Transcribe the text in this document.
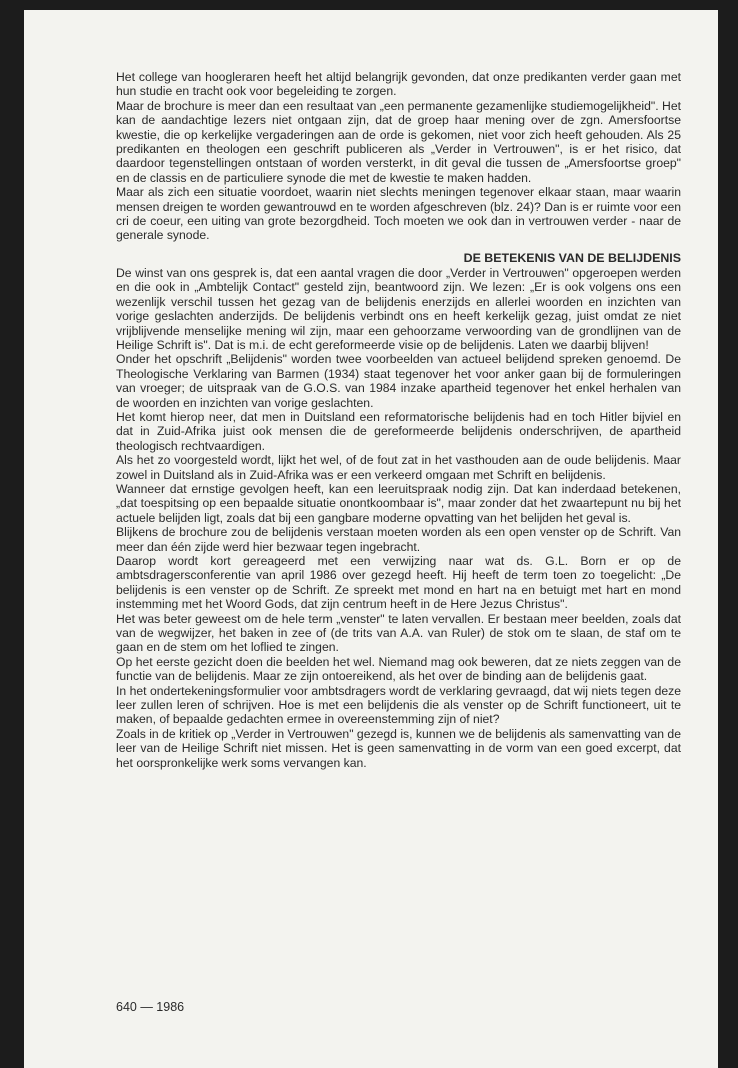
Het college van hoogleraren heeft het altijd belangrijk gevonden, dat onze predikanten verder gaan met hun studie en tracht ook voor begeleiding te zorgen.

Maar de brochure is meer dan een resultaat van „een permanente gezamenlijke studiemogelijkheid". Het kan de aandachtige lezers niet ontgaan zijn, dat de groep haar mening over de zgn. Amersfoortse kwestie, die op kerkelijke vergaderingen aan de orde is gekomen, niet voor zich heeft gehouden. Als 25 predikanten en theologen een geschrift publiceren als „Verder in Vertrouwen", is er het risico, dat daardoor tegenstellingen ontstaan of worden versterkt, in dit geval die tussen de „Amersfoortse groep" en de classis en de particuliere synode die met de kwestie te maken hadden.

Maar als zich een situatie voordoet, waarin niet slechts meningen tegenover elkaar staan, maar waarin mensen dreigen te worden gewantrouwd en te worden afgeschreven (blz. 24)? Dan is er ruimte voor een cri de coeur, een uiting van grote bezorgdheid. Toch moeten we ook dan in vertrouwen verder - naar de generale synode.

DE BETEKENIS VAN DE BELIJDENIS

De winst van ons gesprek is, dat een aantal vragen die door „Verder in Vertrouwen" opgeroepen werden en die ook in „Ambtelijk Contact" gesteld zijn, beantwoord zijn. We lezen: „Er is ook volgens ons een wezenlijk verschil tussen het gezag van de belijdenis enerzijds en allerlei woorden en inzichten van vorige geslachten anderzijds. De belijdenis verbindt ons en heeft kerkelijk gezag, juist omdat ze niet vrijblijvende menselijke mening wil zijn, maar een gehoorzame verwoording van de grondlijnen van de Heilige Schrift is". Dat is m.i. de echt gereformeerde visie op de belijdenis. Laten we daarbij blijven!

Onder het opschrift „Belijdenis" worden twee voorbeelden van actueel belijdend spreken genoemd. De Theologische Verklaring van Barmen (1934) staat tegenover het voor anker gaan bij de formuleringen van vroeger; de uitspraak van de G.O.S. van 1984 inzake apartheid tegenover het enkel herhalen van de woorden en inzichten van vorige geslachten.

Het komt hierop neer, dat men in Duitsland een reformatorische belijdenis had en toch Hitler bijviel en dat in Zuid-Afrika juist ook mensen die de gereformeerde belijdenis onderschrijven, de apartheid theologisch rechtvaardigen.

Als het zo voorgesteld wordt, lijkt het wel, of de fout zat in het vasthouden aan de oude belijdenis. Maar zowel in Duitsland als in Zuid-Afrika was er een verkeerd omgaan met Schrift en belijdenis.

Wanneer dat ernstige gevolgen heeft, kan een leeruitspraak nodig zijn. Dat kan inderdaad betekenen, „dat toespitsing op een bepaalde situatie onontkoombaar is", maar zonder dat het zwaartepunt nu bij het actuele belijden ligt, zoals dat bij een gangbare moderne opvatting van het belijden het geval is.

Blijkens de brochure zou de belijdenis verstaan moeten worden als een open venster op de Schrift. Van meer dan één zijde werd hier bezwaar tegen ingebracht.

Daarop wordt kort gereageerd met een verwijzing naar wat ds. G.L. Born er op de ambtsdragersconferentie van april 1986 over gezegd heeft. Hij heeft de term toen zo toegelicht: „De belijdenis is een venster op de Schrift. Ze spreekt met mond en hart na en betuigt met hart en mond instemming met het Woord Gods, dat zijn centrum heeft in de Here Jezus Christus".

Het was beter geweest om de hele term „venster" te laten vervallen. Er bestaan meer beelden, zoals dat van de wegwijzer, het baken in zee of (de trits van A.A. van Ruler) de stok om te slaan, de staf om te gaan en de stem om het loflied te zingen.

Op het eerste gezicht doen die beelden het wel. Niemand mag ook beweren, dat ze niets zeggen van de functie van de belijdenis. Maar ze zijn ontoereikend, als het over de binding aan de belijdenis gaat.

In het ondertekeningsformulier voor ambtsdragers wordt de verklaring gevraagd, dat wij niets tegen deze leer zullen leren of schrijven. Hoe is met een belijdenis die als venster op de Schrift functioneert, uit te maken, of bepaalde gedachten ermee in overeenstemming zijn of niet?

Zoals in de kritiek op „Verder in Vertrouwen" gezegd is, kunnen we de belijdenis als samenvatting van de leer van de Heilige Schrift niet missen. Het is geen samenvatting in de vorm van een goed excerpt, dat het oorspronkelijke werk soms vervangen kan.

640 — 1986
